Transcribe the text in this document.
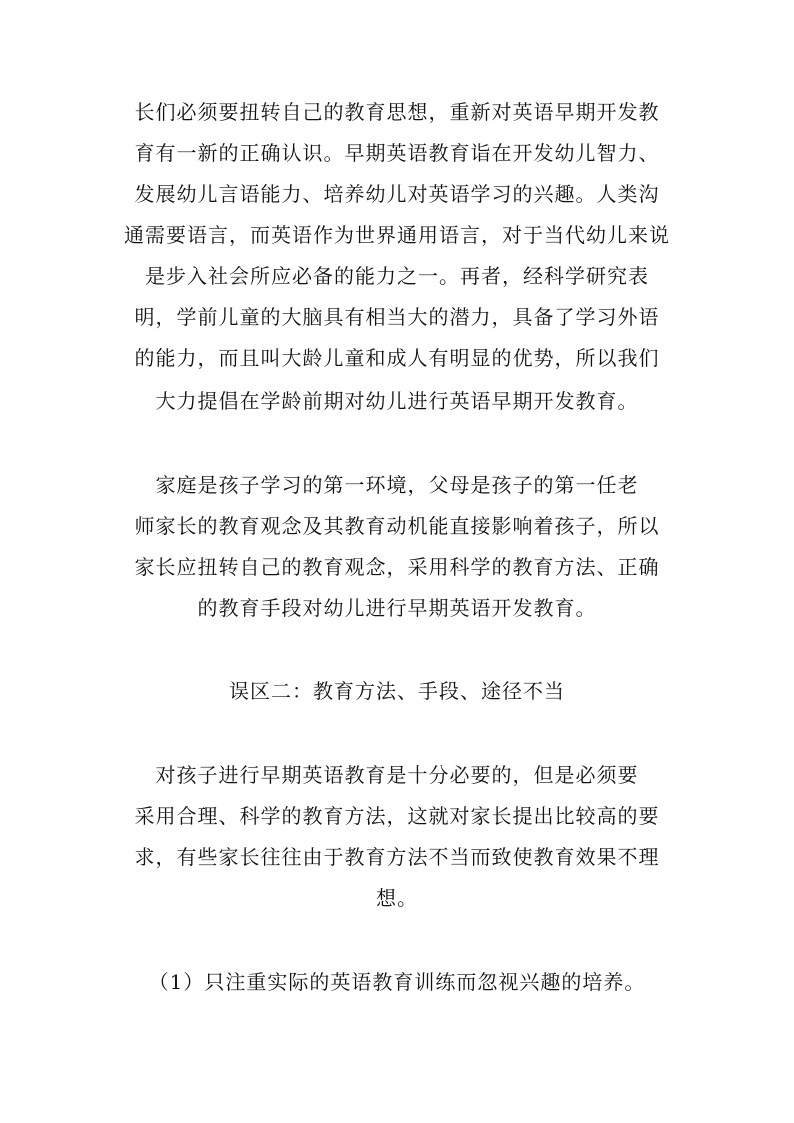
长们必须要扭转自己的教育思想，重新对英语早期开发教
育有一新的正确认识。早期英语教育诣在开发幼儿智力、
发展幼儿言语能力、培养幼儿对英语学习的兴趣。人类沟
通需要语言，而英语作为世界通用语言，对于当代幼儿来说
是步入社会所应必备的能力之一。再者，经科学研究表
明，学前儿童的大脑具有相当大的潜力，具备了学习外语
的能力，而且叫大龄儿童和成人有明显的优势，所以我们
大力提倡在学龄前期对幼儿进行英语早期开发教育。
家庭是孩子学习的第一环境，父母是孩子的第一任老
师家长的教育观念及其教育动机能直接影响着孩子，所以
家长应扭转自己的教育观念，采用科学的教育方法、正确
的教育手段对幼儿进行早期英语开发教育。
误区二：教育方法、手段、途径不当
对孩子进行早期英语教育是十分必要的，但是必须要
采用合理、科学的教育方法，这就对家长提出比较高的要
求，有些家长往往由于教育方法不当而致使教育效果不理
想。
（1）只注重实际的英语教育训练而忽视兴趣的培养。
